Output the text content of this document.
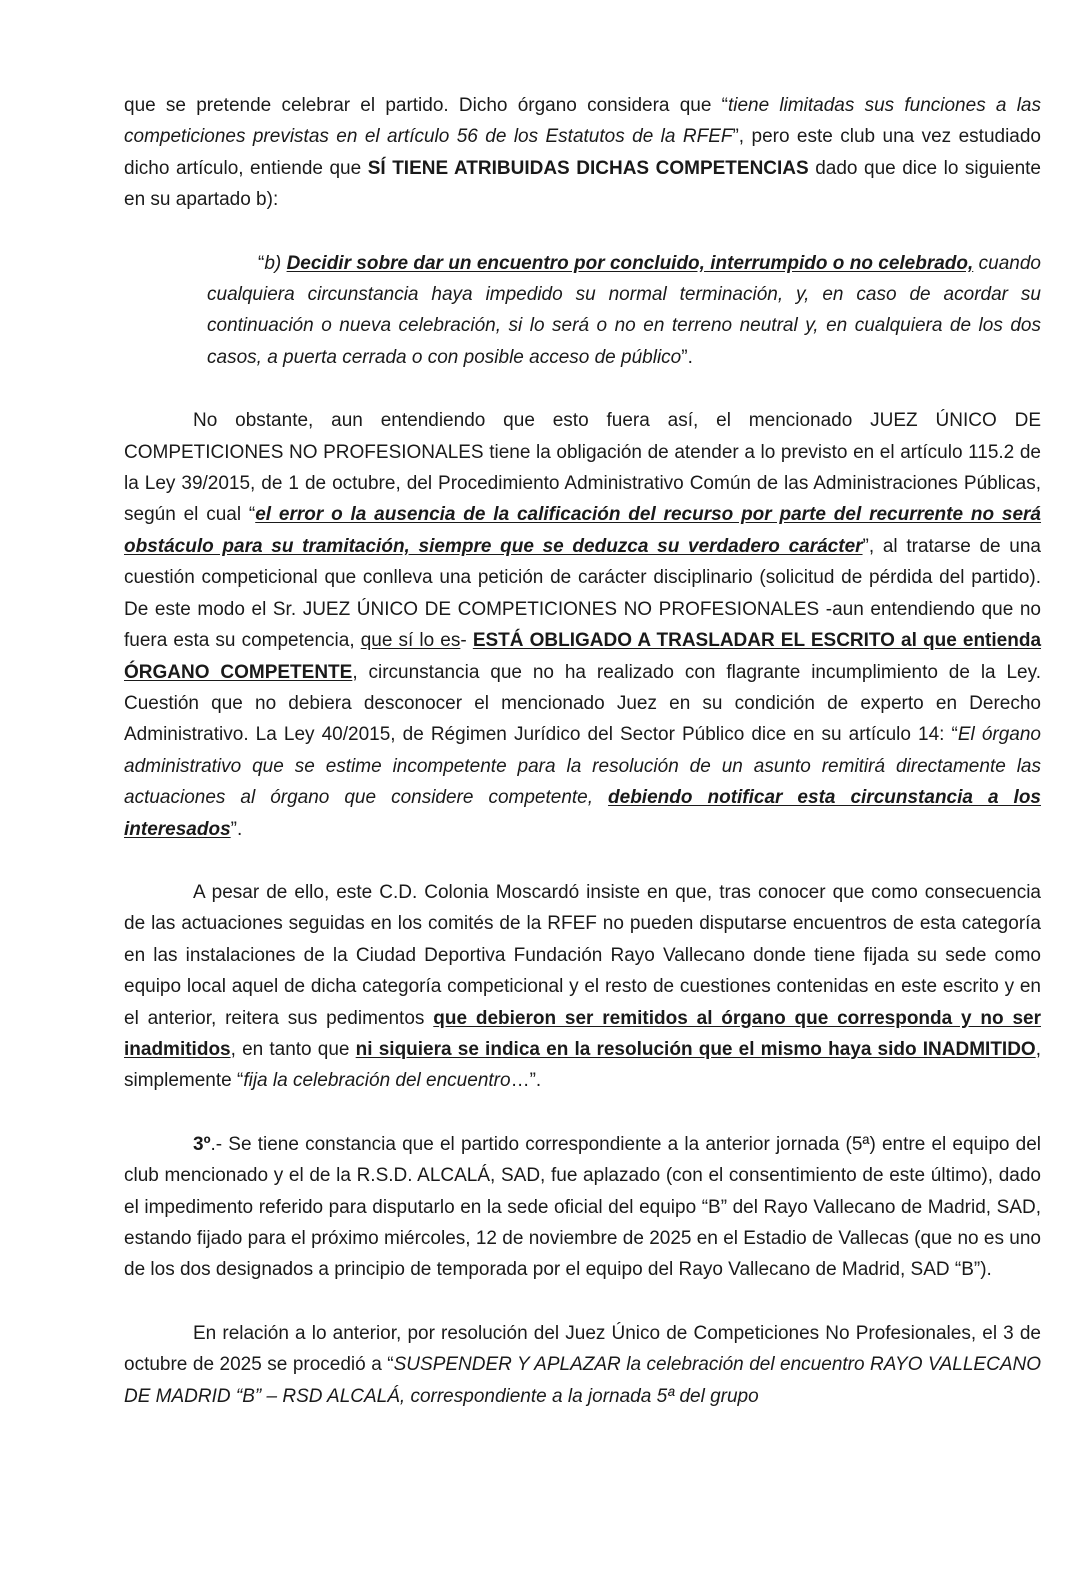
que se pretende celebrar el partido. Dicho órgano considera que “tiene limitadas sus funciones a las competiciones previstas en el artículo 56 de los Estatutos de la RFEF”, pero este club una vez estudiado dicho artículo, entiende que SÍ TIENE ATRIBUIDAS DICHAS COMPETENCIAS dado que dice lo siguiente en su apartado b):

“b) Decidir sobre dar un encuentro por concluido, interrumpido o no celebrado, cuando cualquiera circunstancia haya impedido su normal terminación, y, en caso de acordar su continuación o nueva celebración, si lo será o no en terreno neutral y, en cualquiera de los dos casos, a puerta cerrada o con posible acceso de público”.

No obstante, aun entendiendo que esto fuera así, el mencionado JUEZ ÚNICO DE COMPETICIONES NO PROFESIONALES tiene la obligación de atender a lo previsto en el artículo 115.2 de la Ley 39/2015, de 1 de octubre, del Procedimiento Administrativo Común de las Administraciones Públicas, según el cual “el error o la ausencia de la calificación del recurso por parte del recurrente no será obstáculo para su tramitación, siempre que se deduzca su verdadero carácter”, al tratarse de una cuestión competicional que conlleva una petición de carácter disciplinario (solicitud de pérdida del partido). De este modo el Sr. JUEZ ÚNICO DE COMPETICIONES NO PROFESIONALES -aun entendiendo que no fuera esta su competencia, que sí lo es- ESTÁ OBLIGADO A TRASLADAR EL ESCRITO al que entienda ÓRGANO COMPETENTE, circunstancia que no ha realizado con flagrante incumplimiento de la Ley. Cuestión que no debiera desconocer el mencionado Juez en su condición de experto en Derecho Administrativo. La Ley 40/2015, de Régimen Jurídico del Sector Público dice en su artículo 14: “El órgano administrativo que se estime incompetente para la resolución de un asunto remitirá directamente las actuaciones al órgano que considere competente, debiendo notificar esta circunstancia a los interesados”.

A pesar de ello, este C.D. Colonia Moscardó insiste en que, tras conocer que como consecuencia de las actuaciones seguidas en los comités de la RFEF no pueden disputarse encuentros de esta categoría en las instalaciones de la Ciudad Deportiva Fundación Rayo Vallecano donde tiene fijada su sede como equipo local aquel de dicha categoría competicional y el resto de cuestiones contenidas en este escrito y en el anterior, reitera sus pedimentos que debieron ser remitidos al órgano que corresponda y no ser inadmitidos, en tanto que ni siquiera se indica en la resolución que el mismo haya sido INADMITIDO, simplemente “fija la celebración del encuentro…”.

3º.- Se tiene constancia que el partido correspondiente a la anterior jornada (5ª) entre el equipo del club mencionado y el de la R.S.D. ALCALÁ, SAD, fue aplazado (con el consentimiento de este último), dado el impedimento referido para disputarlo en la sede oficial del equipo “B” del Rayo Vallecano de Madrid, SAD, estando fijado para el próximo miércoles, 12 de noviembre de 2025 en el Estadio de Vallecas (que no es uno de los dos designados a principio de temporada por el equipo del Rayo Vallecano de Madrid, SAD “B”).

En relación a lo anterior, por resolución del Juez Único de Competiciones No Profesionales, el 3 de octubre de 2025 se procedió a “SUSPENDER Y APLAZAR la celebración del encuentro RAYO VALLECANO DE MADRID “B” – RSD ALCALÁ, correspondiente a la jornada 5ª del grupo
